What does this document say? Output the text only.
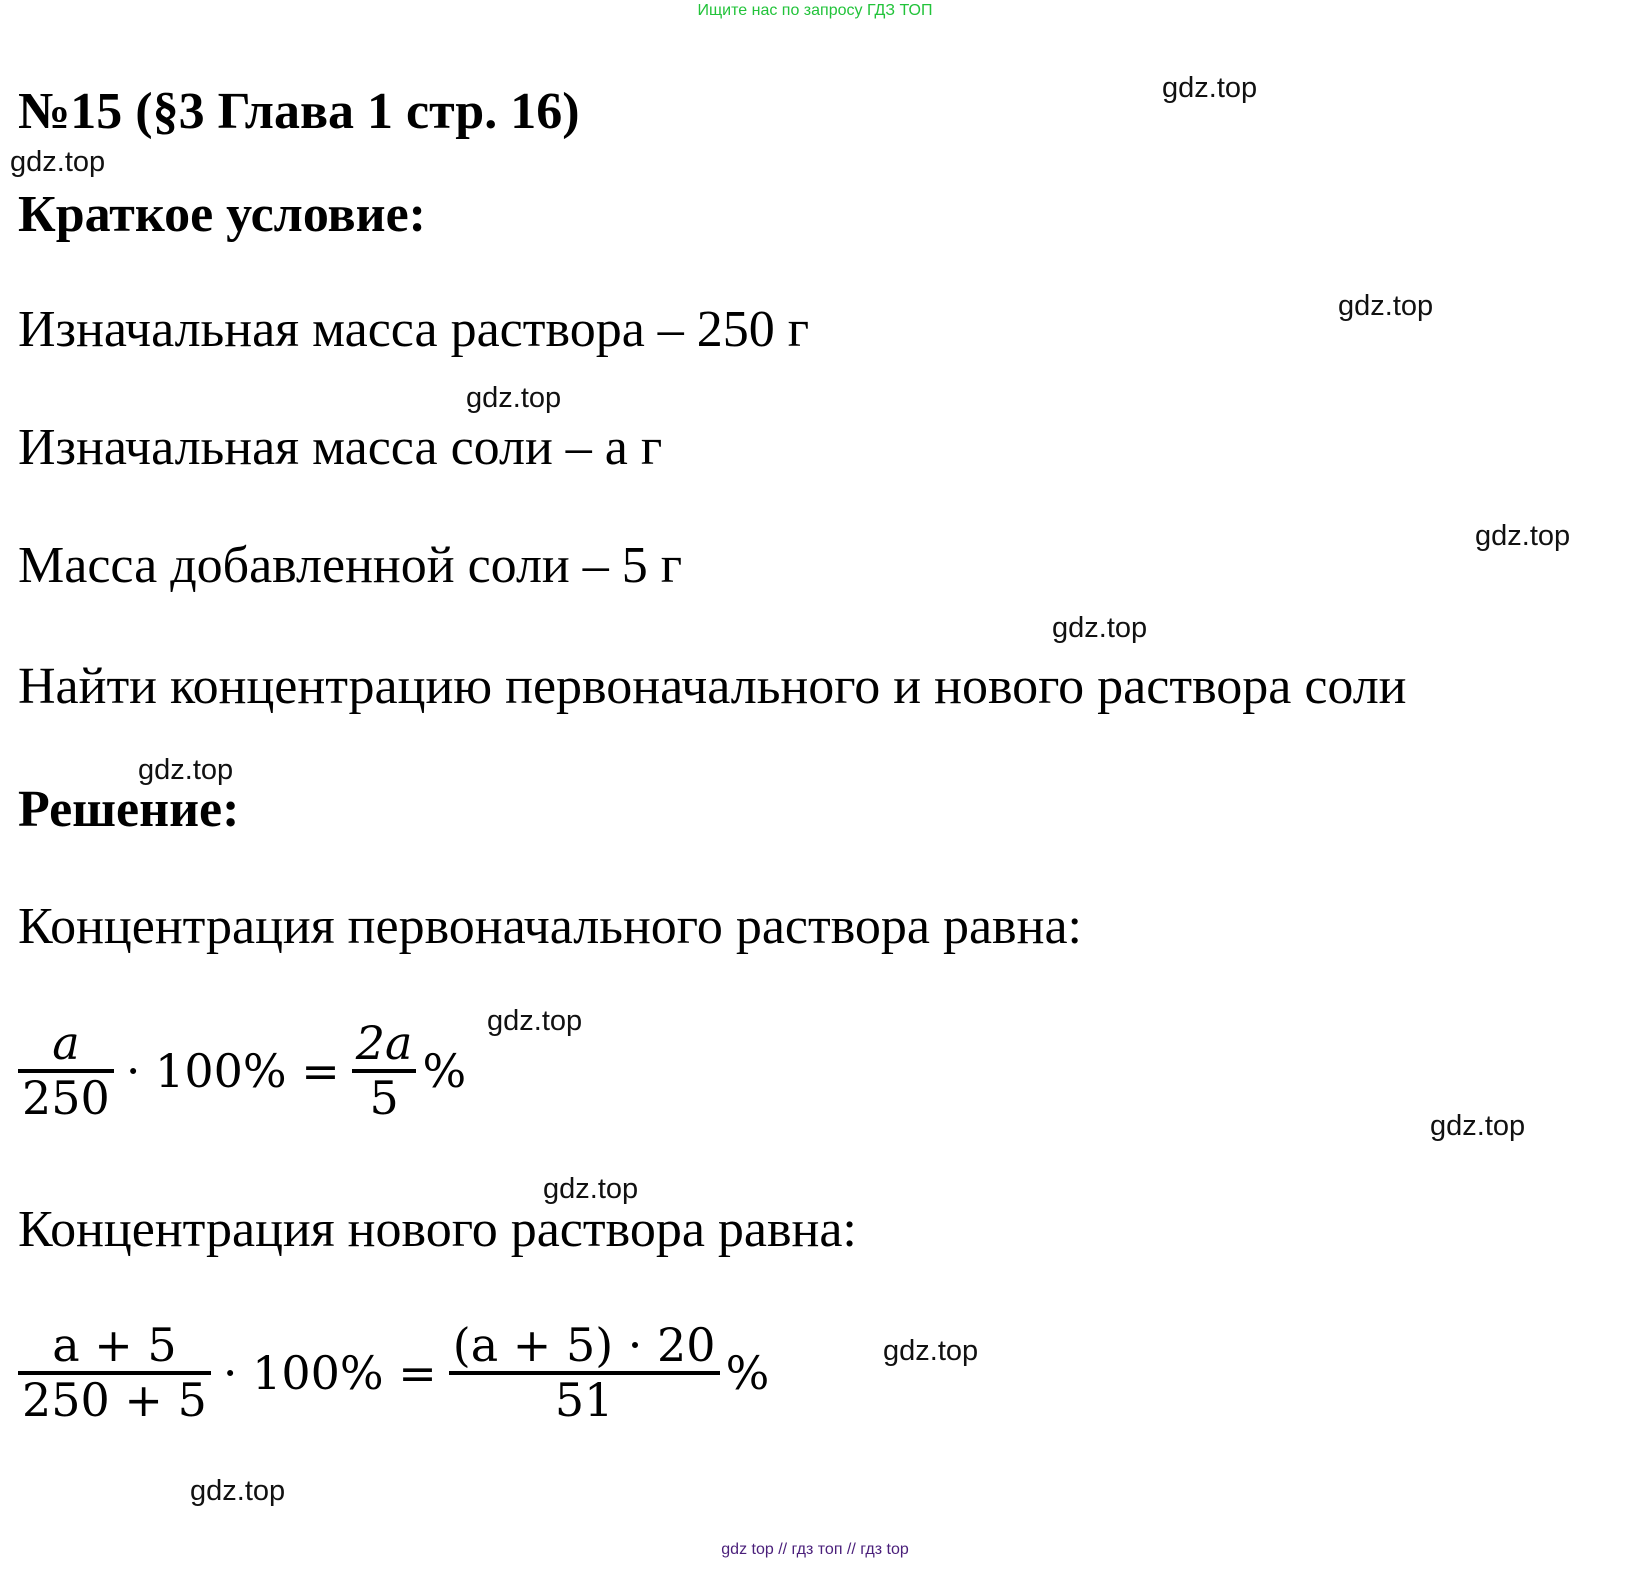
Ищите нас по запросу ГДЗ ТОП
№15 (§3 Глава 1 стр. 16)	gdz.top
gdz.top
Краткое условие:
gdz.top
Изначальная масса раствора – 250 г
gdz.top
Изначальная масса соли – a г
gdz.top
Масса добавленной соли – 5 г
gdz.top
Найти концентрацию первоначального и нового раствора соли
gdz.top
Решение:
Концентрация первоначального раствора равна:
gdz.top
$\frac{a}{250} \cdot 100\% = \frac{2a}{5}$ %
gdz.top
gdz.top
Концентрация нового раствора равна:
gdz.top
$\frac{a + 5}{250 + 5} \cdot 100\% = \frac{(a + 5) \cdot 20}{51}$ %
gdz.top
gdz top // гдз топ // гдз top
